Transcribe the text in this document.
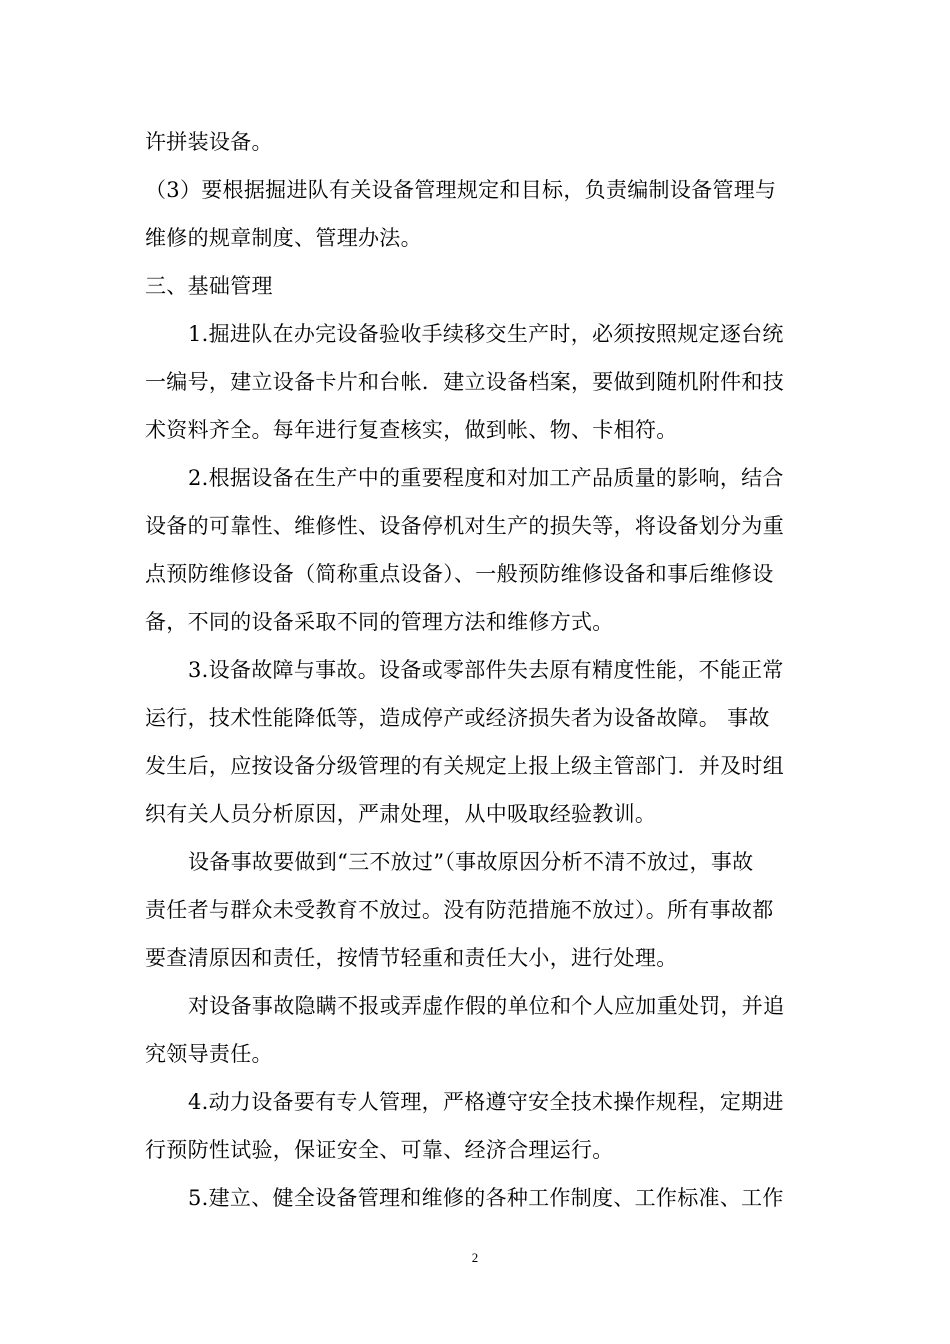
许拼装设备。
（3）要根据掘进队有关设备管理规定和目标，负责编制设备管理与
维修的规章制度、管理办法。
三、基础管理
1.掘进队在办完设备验收手续移交生产时，必须按照规定逐台统
一编号，建立设备卡片和台帐．建立设备档案，要做到随机附件和技
术资料齐全。每年进行复查核实，做到帐、物、卡相符。
2.根据设备在生产中的重要程度和对加工产品质量的影响，结合
设备的可靠性、维修性、设备停机对生产的损失等，将设备划分为重
点预防维修设备（简称重点设备）、一般预防维修设备和事后维修设
备，不同的设备采取不同的管理方法和维修方式。
3.设备故障与事故。设备或零部件失去原有精度性能，不能正常
运行，技术性能降低等，造成停产或经济损失者为设备故障。 事故
发生后，应按设备分级管理的有关规定上报上级主管部门．并及时组
织有关人员分析原因，严肃处理，从中吸取经验教训。
设备事故要做到“三不放过”（事故原因分析不清不放过，事故
责任者与群众未受教育不放过。没有防范措施不放过）。所有事故都
要查清原因和责任，按情节轻重和责任大小，进行处理。
对设备事故隐瞒不报或弄虚作假的单位和个人应加重处罚，并追
究领导责任。
4.动力设备要有专人管理，严格遵守安全技术操作规程，定期进
行预防性试验，保证安全、可靠、经济合理运行。
5.建立、健全设备管理和维修的各种工作制度、工作标准、工作
2
